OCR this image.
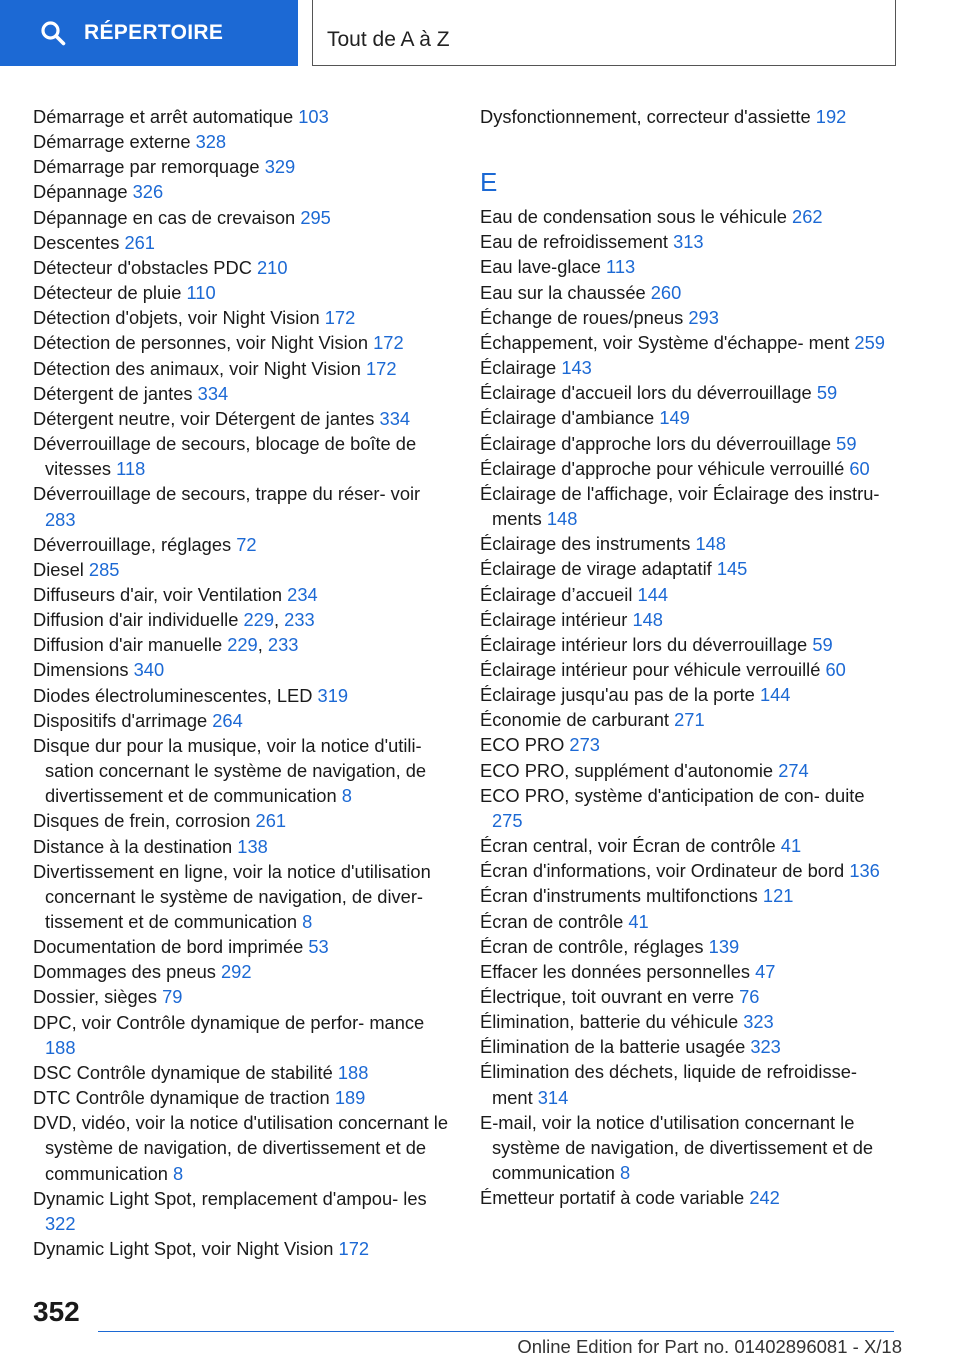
RÉPERTOIRE	Tout de A à Z
Démarrage et arrêt automatique 103
Démarrage externe 328
Démarrage par remorquage 329
Dépannage 326
Dépannage en cas de crevaison 295
Descentes 261
Détecteur d'obstacles PDC 210
Détecteur de pluie 110
Détection d'objets, voir Night Vision 172
Détection de personnes, voir Night Vision 172
Détection des animaux, voir Night Vision 172
Détergent de jantes 334
Détergent neutre, voir Détergent de jantes 334
Déverrouillage de secours, blocage de boîte de vitesses 118
Déverrouillage de secours, trappe du réser- voir 283
Déverrouillage, réglages 72
Diesel 285
Diffuseurs d'air, voir Ventilation 234
Diffusion d'air individuelle 229, 233
Diffusion d'air manuelle 229, 233
Dimensions 340
Diodes électroluminescentes, LED 319
Dispositifs d'arrimage 264
Disque dur pour la musique, voir la notice d'utili- sation concernant le système de navigation, de divertissement et de communication 8
Disques de frein, corrosion 261
Distance à la destination 138
Divertissement en ligne, voir la notice d'utilisation concernant le système de navigation, de diver- tissement et de communication 8
Documentation de bord imprimée 53
Dommages des pneus 292
Dossier, sièges 79
DPC, voir Contrôle dynamique de perfor- mance 188
DSC Contrôle dynamique de stabilité 188
DTC Contrôle dynamique de traction 189
DVD, vidéo, voir la notice d'utilisation concernant le système de navigation, de divertissement et de communication 8
Dynamic Light Spot, remplacement d'ampou- les 322
Dynamic Light Spot, voir Night Vision 172
Dysfonctionnement, correcteur d'assiette 192
E
Eau de condensation sous le véhicule 262
Eau de refroidissement 313
Eau lave-glace 113
Eau sur la chaussée 260
Échange de roues/pneus 293
Échappement, voir Système d'échappe- ment 259
Éclairage 143
Éclairage d'accueil lors du déverrouillage 59
Éclairage d'ambiance 149
Éclairage d'approche lors du déverrouillage 59
Éclairage d'approche pour véhicule verrouillé 60
Éclairage de l'affichage, voir Éclairage des instru- ments 148
Éclairage des instruments 148
Éclairage de virage adaptatif 145
Éclairage d’accueil 144
Éclairage intérieur 148
Éclairage intérieur lors du déverrouillage 59
Éclairage intérieur pour véhicule verrouillé 60
Éclairage jusqu'au pas de la porte 144
Économie de carburant 271
ECO PRO 273
ECO PRO, supplément d'autonomie 274
ECO PRO, système d'anticipation de con- duite 275
Écran central, voir Écran de contrôle 41
Écran d'informations, voir Ordinateur de bord 136
Écran d'instruments multifonctions 121
Écran de contrôle 41
Écran de contrôle, réglages 139
Effacer les données personnelles 47
Électrique, toit ouvrant en verre 76
Élimination, batterie du véhicule 323
Élimination de la batterie usagée 323
Élimination des déchets, liquide de refroidisse- ment 314
E-mail, voir la notice d'utilisation concernant le système de navigation, de divertissement et de communication 8
Émetteur portatif à code variable 242
352
Online Edition for Part no. 01402896081 - X/18
